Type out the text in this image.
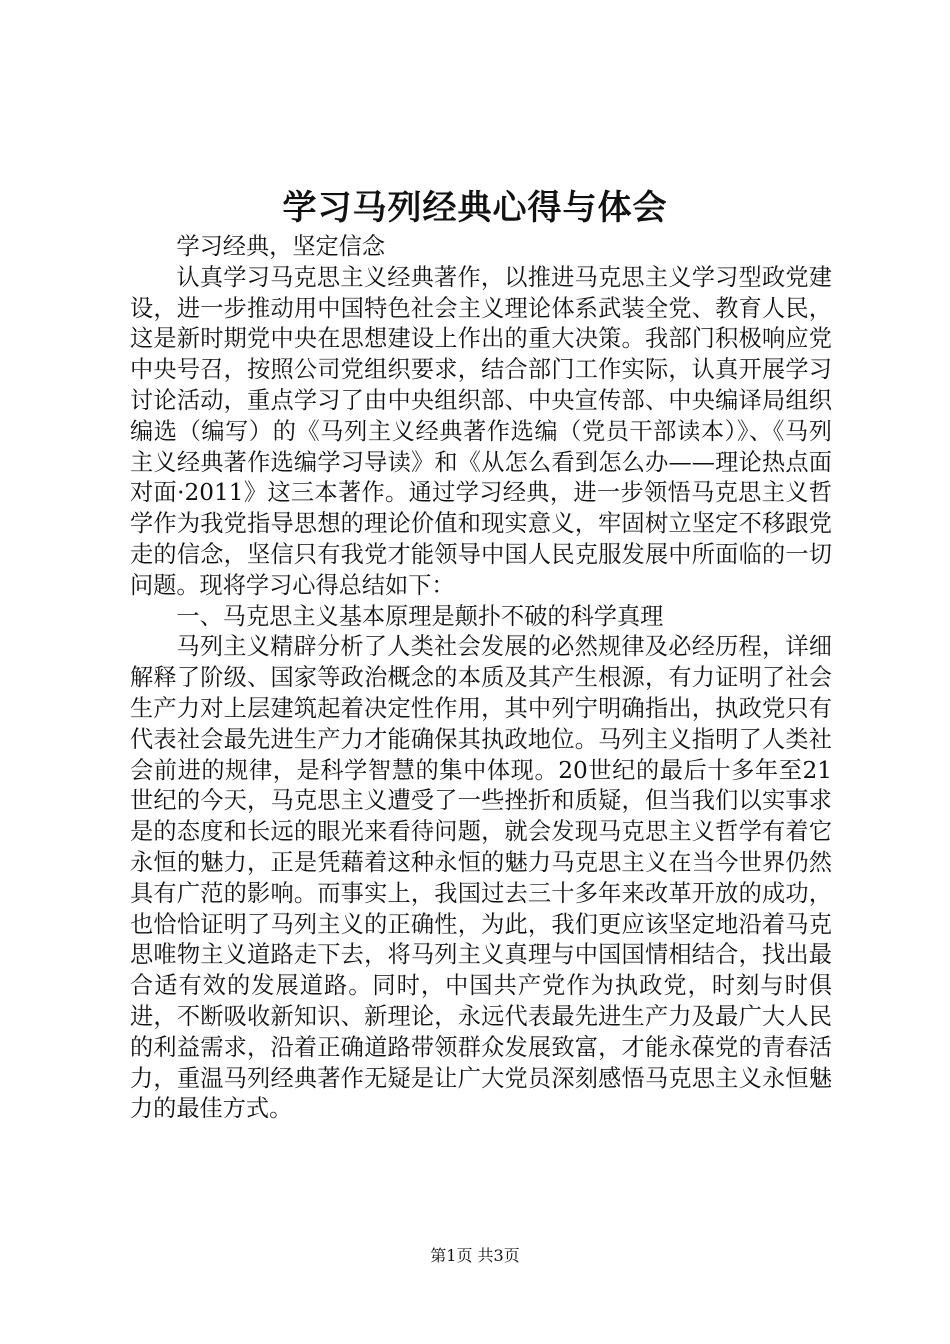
学习马列经典心得与体会

学习经典，坚定信念

认真学习马克思主义经典著作，以推进马克思主义学习型政党建设，进一步推动用中国特色社会主义理论体系武装全党、教育人民，这是新时期党中央在思想建设上作出的重大决策。我部门积极响应党中央号召，按照公司党组织要求，结合部门工作实际，认真开展学习讨论活动，重点学习了由中央组织部、中央宣传部、中央编译局组织编选（编写）的《马列主义经典著作选编（党员干部读本）》、《马列主义经典著作选编学习导读》和《从怎么看到怎么办——理论热点面对面·2011》这三本著作。通过学习经典，进一步领悟马克思主义哲学作为我党指导思想的理论价值和现实意义，牢固树立坚定不移跟党走的信念，坚信只有我党才能领导中国人民克服发展中所面临的一切问题。现将学习心得总结如下：

一、马克思主义基本原理是颠扑不破的科学真理

马列主义精辟分析了人类社会发展的必然规律及必经历程，详细解释了阶级、国家等政治概念的本质及其产生根源，有力证明了社会生产力对上层建筑起着决定性作用，其中列宁明确指出，执政党只有代表社会最先进生产力才能确保其执政地位。马列主义指明了人类社会前进的规律，是科学智慧的集中体现。20世纪的最后十多年至21世纪的今天，马克思主义遭受了一些挫折和质疑，但当我们以实事求是的态度和长远的眼光来看待问题，就会发现马克思主义哲学有着它永恒的魅力，正是凭藉着这种永恒的魅力马克思主义在当今世界仍然具有广范的影响。而事实上，我国过去三十多年来改革开放的成功，也恰恰证明了马列主义的正确性，为此，我们更应该坚定地沿着马克思唯物主义道路走下去，将马列主义真理与中国国情相结合，找出最合适有效的发展道路。同时，中国共产党作为执政党，时刻与时俱进，不断吸收新知识、新理论，永远代表最先进生产力及最广大人民的利益需求，沿着正确道路带领群众发展致富，才能永葆党的青春活力，重温马列经典著作无疑是让广大党员深刻感悟马克思主义永恒魅力的最佳方式。

第1页 共3页
